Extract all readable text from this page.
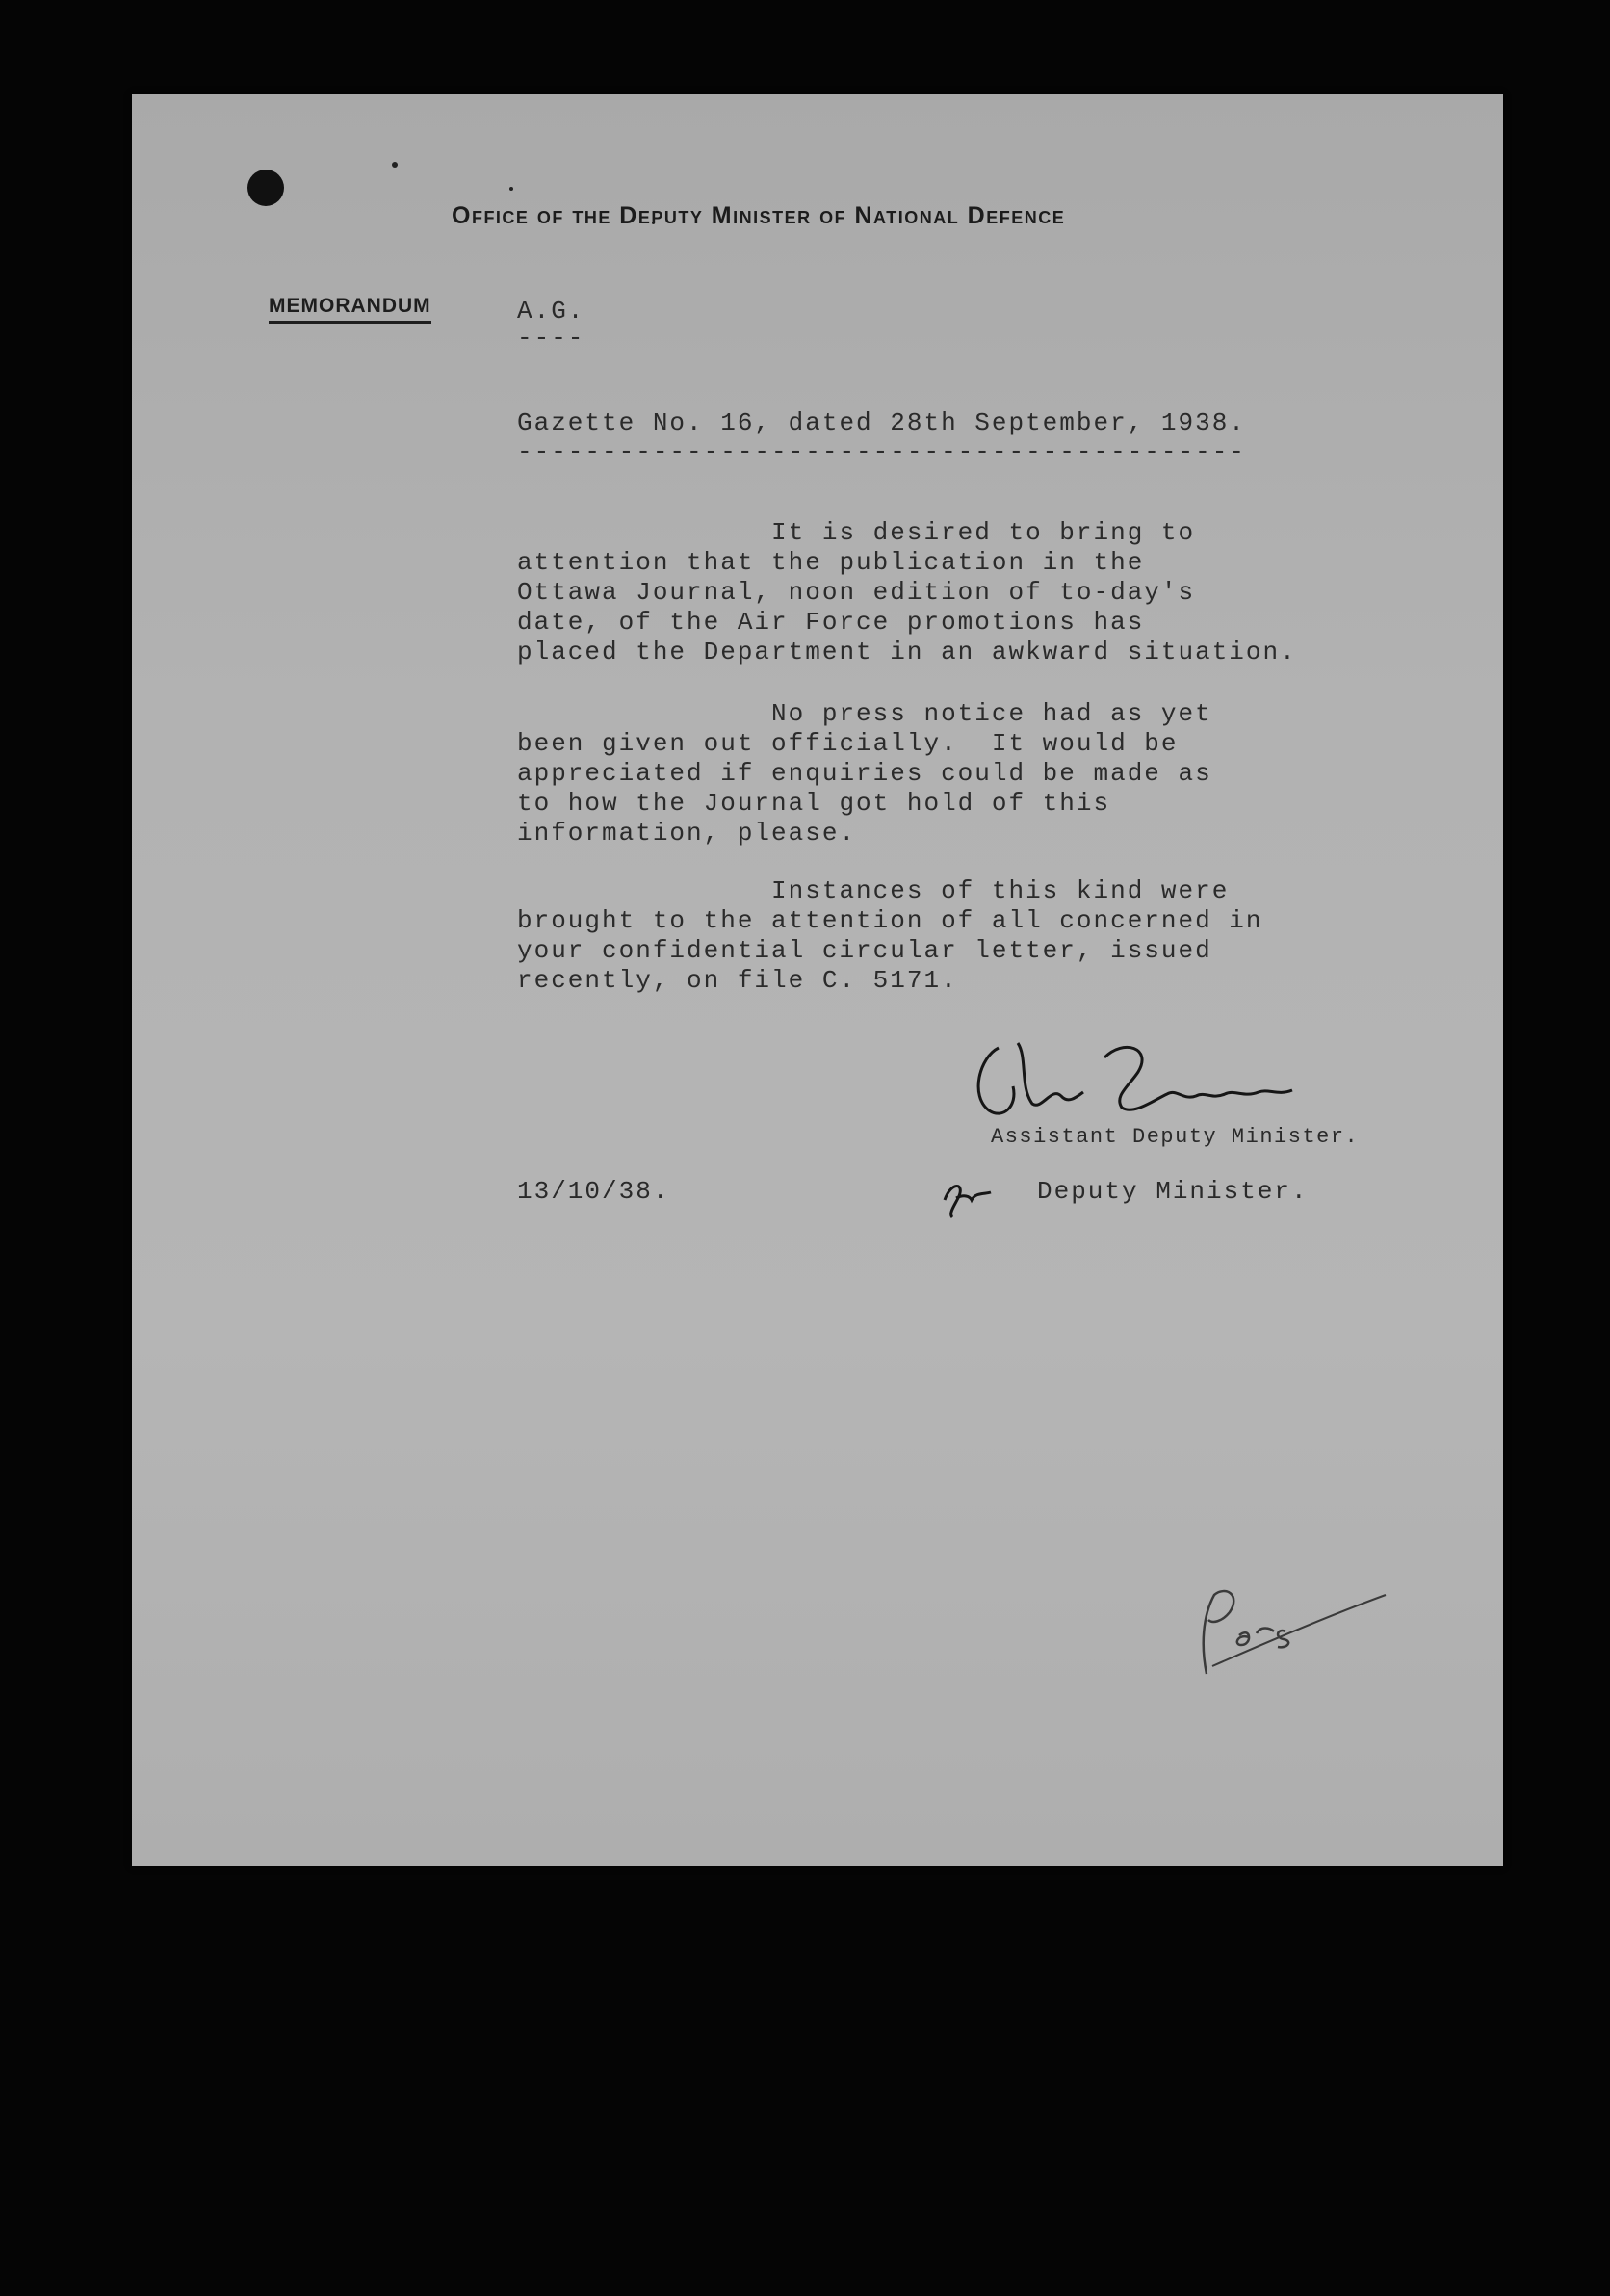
Office of the Deputy Minister of National Defence
MEMORANDUM	A.G.
----
Gazette No. 16, dated 28th September, 1938.
-------------------------------------------
It is desired to bring to
attention that the publication in the
Ottawa Journal, noon edition of to-day's
date, of the Air Force promotions has
placed the Department in an awkward situation.
No press notice had as yet
been given out officially.  It would be
appreciated if enquiries could be made as
to how the Journal got hold of this
information, please.
Instances of this kind were
brought to the attention of all concerned in
your confidential circular letter, issued
recently, on file C. 5171.
Assistant Deputy Minister.
13/10/38.	Deputy Minister.
